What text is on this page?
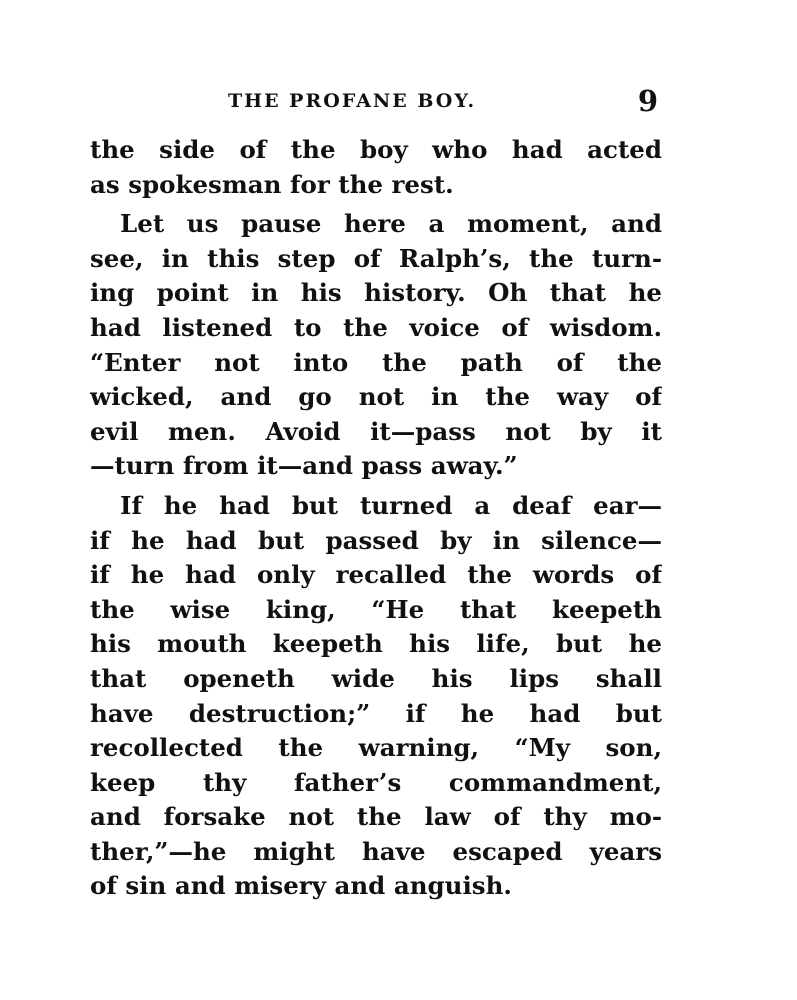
THE PROFANE BOY.	9
the side of the boy who had acted
as spokesman for the rest.
Let us pause here a moment, and
see, in this step of Ralph’s, the turn-
ing point in his history. Oh that he
had listened to the voice of wisdom.
“Enter not into the path of the
wicked, and go not in the way of
evil men. Avoid it—pass not by it
—turn from it—and pass away.”
If he had but turned a deaf ear—
if he had but passed by in silence—
if he had only recalled the words of
the wise king, “He that keepeth
his mouth keepeth his life, but he
that openeth wide his lips shall
have destruction;” if he had but
recollected the warning, “My son,
keep thy father’s commandment,
and forsake not the law of thy mo-
ther,”—he might have escaped years
of sin and misery and anguish.
